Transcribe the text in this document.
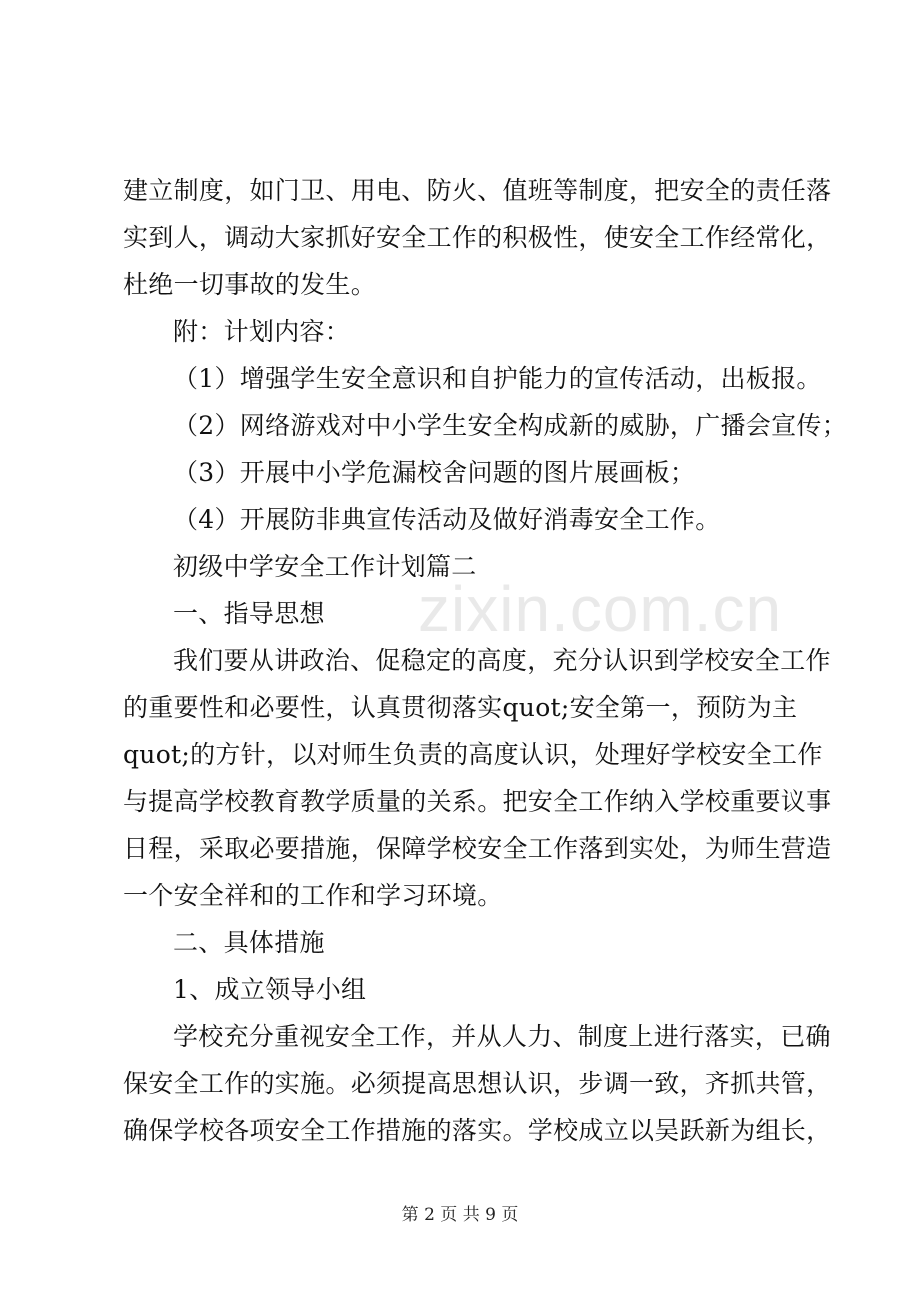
zixin.com.cn
建立制度，如门卫、用电、防火、值班等制度，把安全的责任落
实到人，调动大家抓好安全工作的积极性，使安全工作经常化，
杜绝一切事故的发生。
附：计划内容：
（1）增强学生安全意识和自护能力的宣传活动，出板报。
（2）网络游戏对中小学生安全构成新的威胁，广播会宣传；
（3）开展中小学危漏校舍问题的图片展画板；
（4）开展防非典宣传活动及做好消毒安全工作。
初级中学安全工作计划篇二
一、指导思想
我们要从讲政治、促稳定的高度，充分认识到学校安全工作
的重要性和必要性，认真贯彻落实quot;安全第一，预防为主
quot;的方针，以对师生负责的高度认识，处理好学校安全工作
与提高学校教育教学质量的关系。把安全工作纳入学校重要议事
日程，采取必要措施，保障学校安全工作落到实处，为师生营造
一个安全祥和的工作和学习环境。
二、具体措施
1、成立领导小组
学校充分重视安全工作，并从人力、制度上进行落实，已确
保安全工作的实施。必须提高思想认识，步调一致，齐抓共管，
确保学校各项安全工作措施的落实。学校成立以吴跃新为组长，
第 2 页 共 9 页
